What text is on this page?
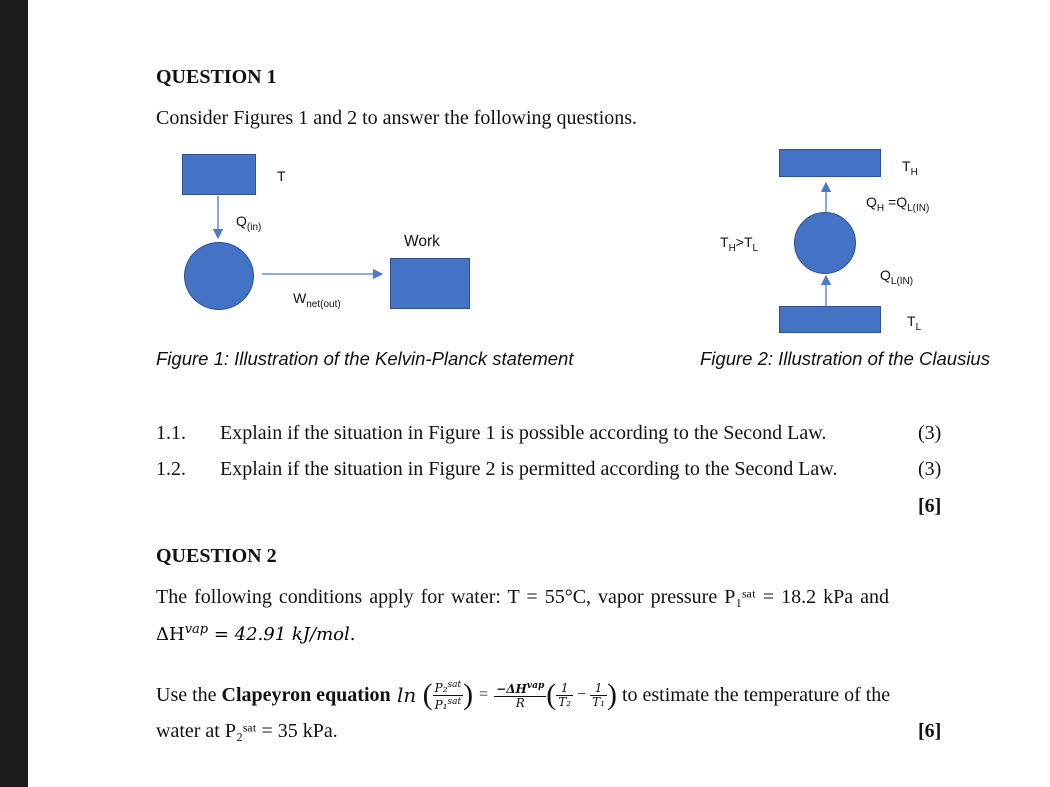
QUESTION 1
Consider Figures 1 and 2 to answer the following questions.
T
$Q_{(in)}$
Work
$W_{net(out)}$
Figure 1: Illustration of the Kelvin-Planck statement
$T_H$
$Q_H =Q_{L(IN)}$
$T_H>T_L$
$Q_{L(IN)}$
$T_L$
Figure 2: Illustration of the Clausius
1.1. Explain if the situation in Figure 1 is possible according to the Second Law.	(3)
1.2. Explain if the situation in Figure 2 is permitted according to the Second Law.	(3)
[6]
QUESTION 2
The following conditions apply for water: T = 55°C, vapor pressure P₁ˢᵃᵗ = 18.2 kPa and
$\Delta H^{vap} = 42.91$ kJ/mol.
Use the Clapeyron equation ln ( $\frac{P_2^{sat}}{P_1^{sat}}$ ) = $\frac{-\Delta H^{vap}}{R}$ ( $\frac{1}{\text{T₂}} - \frac{1}{\text{T₁}}$ ) to estimate the temperature of the
water at P₂ˢᵃᵗ = 35 kPa.	[6]
